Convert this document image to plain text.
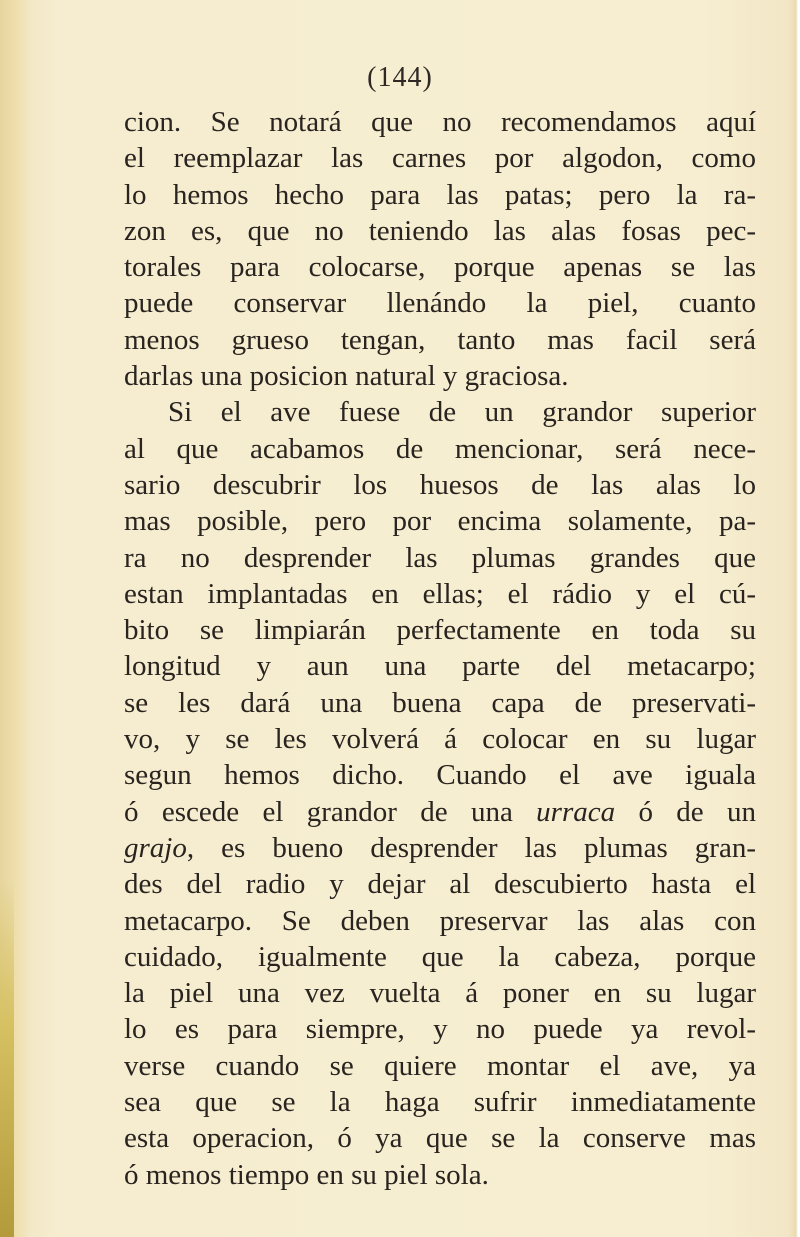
(144)
cion. Se notará que no recomendamos aquí
el reemplazar las carnes por algodon, como
lo hemos hecho para las patas; pero la ra-
zon es, que no teniendo las alas fosas pec-
torales para colocarse, porque apenas se las
puede conservar llenándo la piel, cuanto
menos grueso tengan, tanto mas facil será
darlas una posicion natural y graciosa.
Si el ave fuese de un grandor superior
al que acabamos de mencionar, será nece-
sario descubrir los huesos de las alas lo
mas posible, pero por encima solamente, pa-
ra no desprender las plumas grandes que
estan implantadas en ellas; el rádio y el cú-
bito se limpiarán perfectamente en toda su
longitud y aun una parte del metacarpo;
se les dará una buena capa de preservati-
vo, y se les volverá á colocar en su lugar
segun hemos dicho. Cuando el ave iguala
ó escede el grandor de una urraca ó de un
grajo, es bueno desprender las plumas gran-
des del radio y dejar al descubierto hasta el
metacarpo. Se deben preservar las alas con
cuidado, igualmente que la cabeza, porque
la piel una vez vuelta á poner en su lugar
lo es para siempre, y no puede ya revol-
verse cuando se quiere montar el ave, ya
sea que se la haga sufrir inmediatamente
esta operacion, ó ya que se la conserve mas
ó menos tiempo en su piel sola.
